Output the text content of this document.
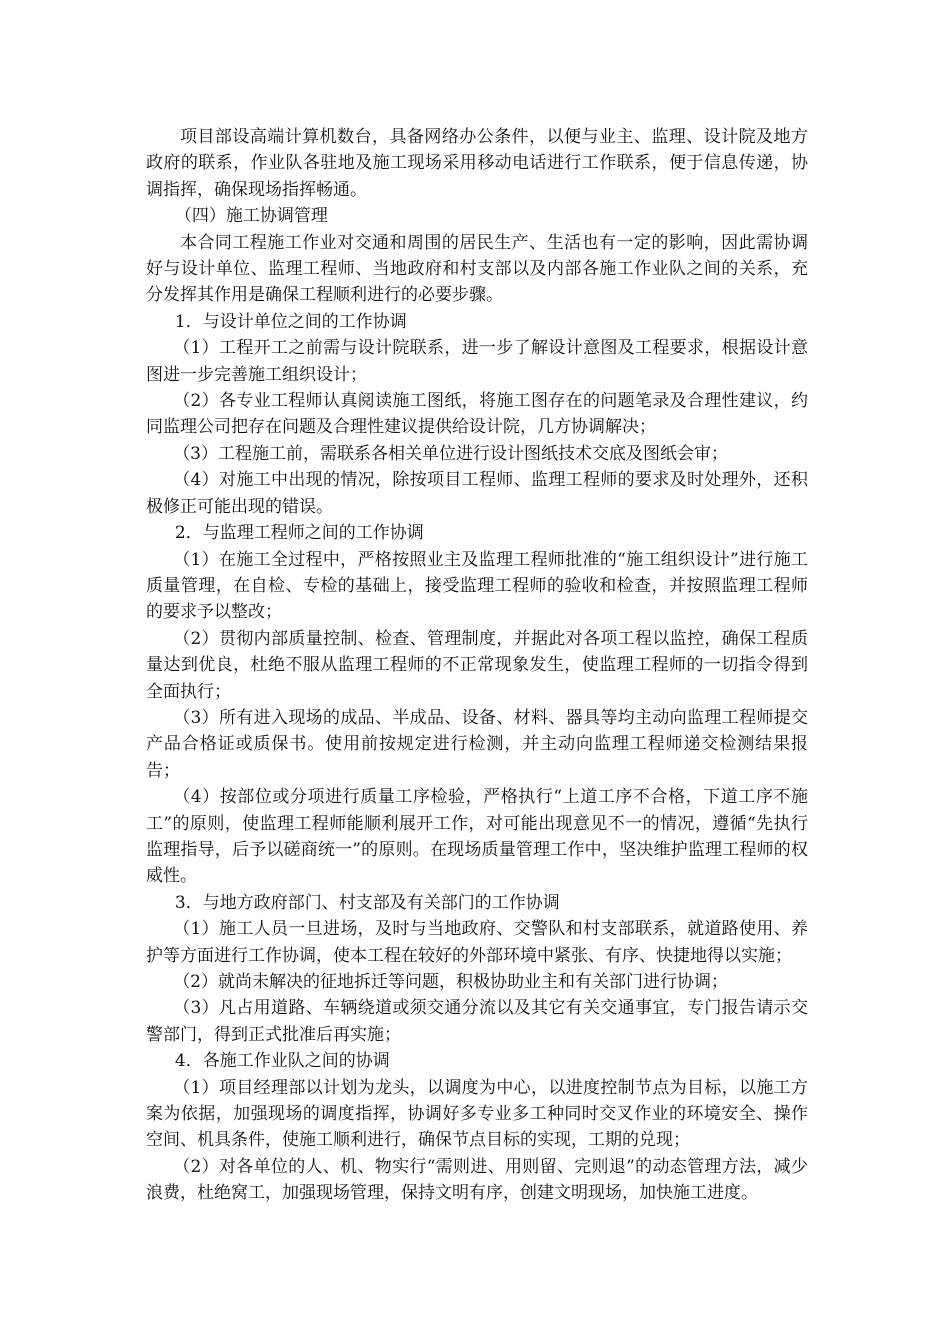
项目部设高端计算机数台，具备网络办公条件，以便与业主、监理、设计院及地方政府的联系，作业队各驻地及施工现场采用移动电话进行工作联系，便于信息传递，协调指挥，确保现场指挥畅通。

（四）施工协调管理

本合同工程施工作业对交通和周围的居民生产、生活也有一定的影响，因此需协调好与设计单位、监理工程师、当地政府和村支部以及内部各施工作业队之间的关系，充分发挥其作用是确保工程顺利进行的必要步骤。

1．与设计单位之间的工作协调

（1）工程开工之前需与设计院联系，进一步了解设计意图及工程要求，根据设计意图进一步完善施工组织设计；

（2）各专业工程师认真阅读施工图纸，将施工图存在的问题笔录及合理性建议，约同监理公司把存在问题及合理性建议提供给设计院，几方协调解决；

（3）工程施工前，需联系各相关单位进行设计图纸技术交底及图纸会审；

（4）对施工中出现的情况，除按项目工程师、监理工程师的要求及时处理外，还积极修正可能出现的错误。

2．与监理工程师之间的工作协调

（1）在施工全过程中，严格按照业主及监理工程师批准的“施工组织设计”进行施工质量管理，在自检、专检的基础上，接受监理工程师的验收和检查，并按照监理工程师的要求予以整改；

（2）贯彻内部质量控制、检查、管理制度，并据此对各项工程以监控，确保工程质量达到优良，杜绝不服从监理工程师的不正常现象发生，使监理工程师的一切指令得到全面执行；

（3）所有进入现场的成品、半成品、设备、材料、器具等均主动向监理工程师提交产品合格证或质保书。使用前按规定进行检测，并主动向监理工程师递交检测结果报告；

（4）按部位或分项进行质量工序检验，严格执行“上道工序不合格，下道工序不施工”的原则，使监理工程师能顺利展开工作，对可能出现意见不一的情况，遵循“先执行监理指导，后予以磋商统一”的原则。在现场质量管理工作中，坚决维护监理工程师的权威性。

3．与地方政府部门、村支部及有关部门的工作协调

（1）施工人员一旦进场，及时与当地政府、交警队和村支部联系，就道路使用、养护等方面进行工作协调，使本工程在较好的外部环境中紧张、有序、快捷地得以实施；

（2）就尚未解决的征地拆迁等问题，积极协助业主和有关部门进行协调；

（3）凡占用道路、车辆绕道或须交通分流以及其它有关交通事宜，专门报告请示交警部门，得到正式批准后再实施；

4．各施工作业队之间的协调

（1）项目经理部以计划为龙头，以调度为中心，以进度控制节点为目标，以施工方案为依据，加强现场的调度指挥，协调好多专业多工种同时交叉作业的环境安全、操作空间、机具条件，使施工顺利进行，确保节点目标的实现，工期的兑现；

（2）对各单位的人、机、物实行“需则进、用则留、完则退”的动态管理方法，减少浪费，杜绝窝工，加强现场管理，保持文明有序，创建文明现场，加快施工进度。
